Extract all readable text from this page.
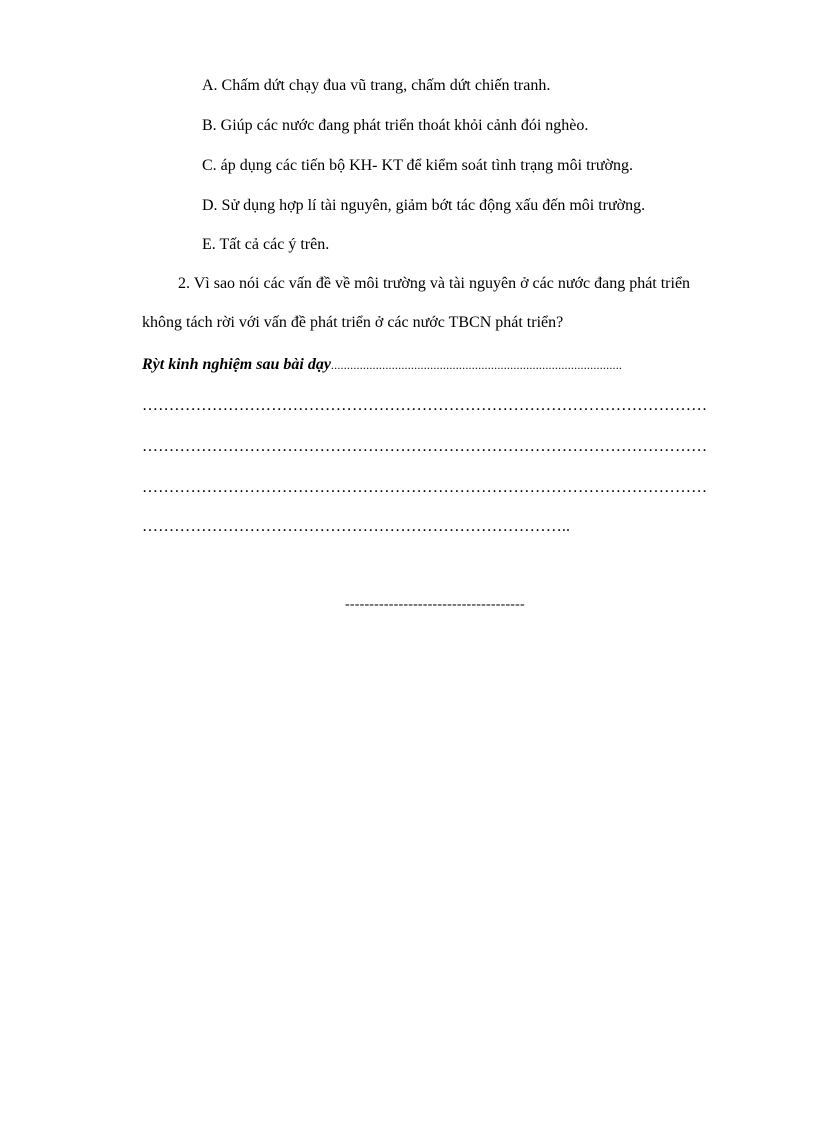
A. Chấm dứt chạy đua vũ trang, chấm dứt chiến tranh.
B. Giúp các nước đang phát triển thoát khỏi cảnh đói nghèo.
C. áp dụng các tiến bộ KH- KT để kiểm soát tình trạng môi trường.
D. Sử dụng hợp lí tài nguyên, giảm bớt tác động xấu đến môi trường.
E. Tất cả các ý trên.
2. Vì sao nói các vấn đề về môi trường và tài nguyên ở các nước đang phát triển
không tách rời với vấn đề phát triển ở các nước TBCN phát triển?
Rỳt kinh nghiệm sau bài dạy...........................................................................................
……………………………………………………………………………………………
……………………………………………………………………………………………
……………………………………………………………………………………………
……………………………………………………………………..
-------------------------------------
